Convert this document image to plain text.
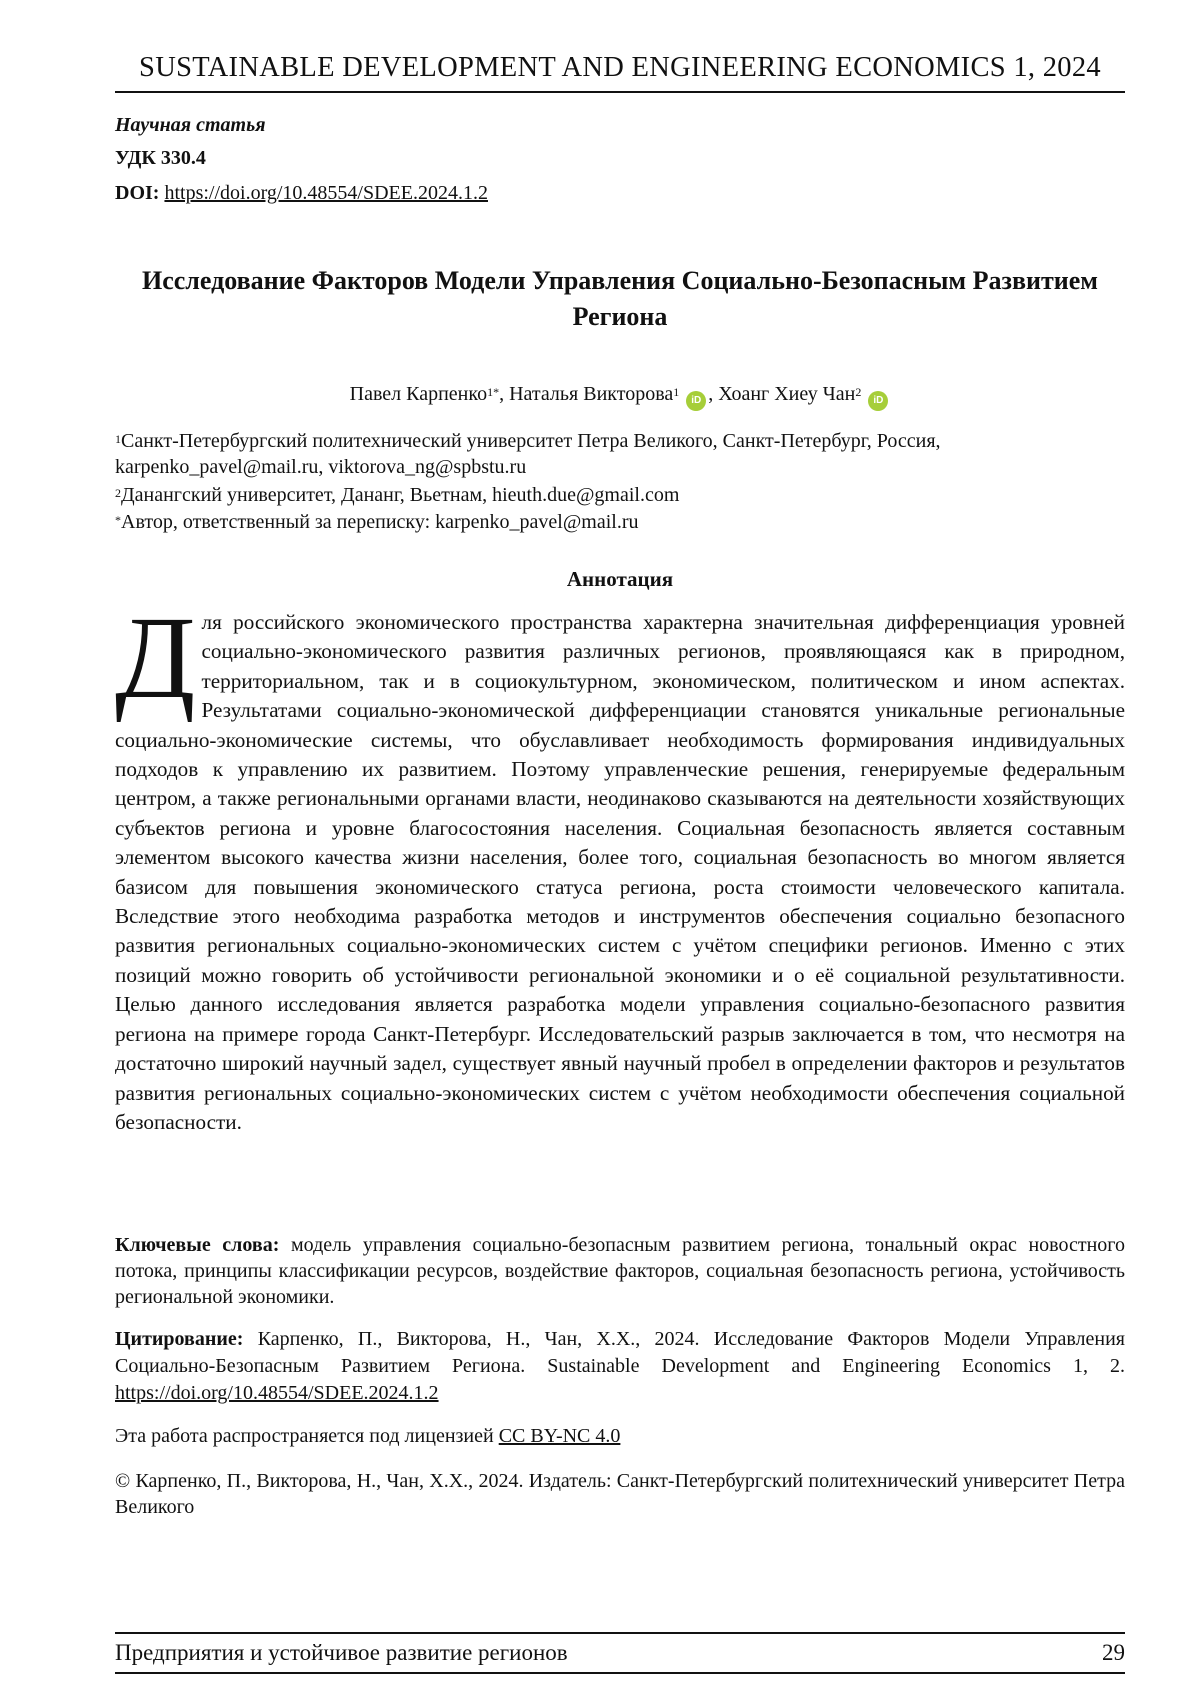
SUSTAINABLE DEVELOPMENT AND ENGINEERING ECONOMICS 1, 2024
Научная статья
УДК 330.4
DOI: https://doi.org/10.48554/SDEE.2024.1.2
Исследование Факторов Модели Управления Социально-Безопасным Развитием Региона
Павел Карпенко$^{1*}$, Наталья Викторова$^1$ iD , Хоанг Хиеу Чан$^2$ iD
$^1$Санкт-Петербургский политехнический университет Петра Великого, Санкт-Петербург, Россия,
karpenko_pavel@mail.ru, viktorova_ng@spbstu.ru
$^2$Данангский университет, Дананг, Вьетнам, hieuth.due@gmail.com
*Автор, ответственный за переписку: karpenko_pavel@mail.ru
Аннотация
Для российского экономического пространства характерна значительная дифференциация уровней социально-экономического развития различных регионов, проявляющаяся как в природном, территориальном, так и в социокультурном, экономическом, политическом и ином аспектах. Результатами социально-экономической дифференциации становятся уникальные региональные социально-экономические системы, что обуславливает необходимость формирования индивидуальных подходов к управлению их развитием. Поэтому управленческие решения, генерируемые федеральным центром, а также региональными органами власти, неодинаково сказываются на деятельности хозяйствующих субъектов региона и уровне благосостояния населения. Социальная безопасность является составным элементом высокого качества жизни населения, более того, социальная безопасность во многом является базисом для повышения экономического статуса региона, роста стоимости человеческого капитала. Вследствие этого необходима разработка методов и инструментов обеспечения социально безопасного развития региональных социально-экономических систем с учётом специфики регионов. Именно с этих позиций можно говорить об устойчивости региональной экономики и о её социальной результативности. Целью данного исследования является разработка модели управления социально-безопасного развития региона на примере города Санкт-Петербург. Исследовательский разрыв заключается в том, что несмотря на достаточно широкий научный задел, существует явный научный пробел в определении факторов и результатов развития региональных социально-экономических систем с учётом необходимости обеспечения социальной безопасности.
Ключевые слова: модель управления социально-безопасным развитием региона, тональный окрас новостного потока, принципы классификации ресурсов, воздействие факторов, социальная безопасность региона, устойчивость региональной экономики.
Цитирование: Карпенко, П., Викторова, Н., Чан, Х.Х., 2024. Исследование Факторов Модели Управления Социально-Безопасным Развитием Региона. Sustainable Development and Engineering Economics 1, 2. https://doi.org/10.48554/SDEE.2024.1.2
Эта работа распространяется под лицензией CC BY-NC 4.0
© Карпенко, П., Викторова, Н., Чан, Х.Х., 2024. Издатель: Санкт-Петербургский политехнический университет Петра Великого
Предприятия и устойчивое развитие регионов	29
